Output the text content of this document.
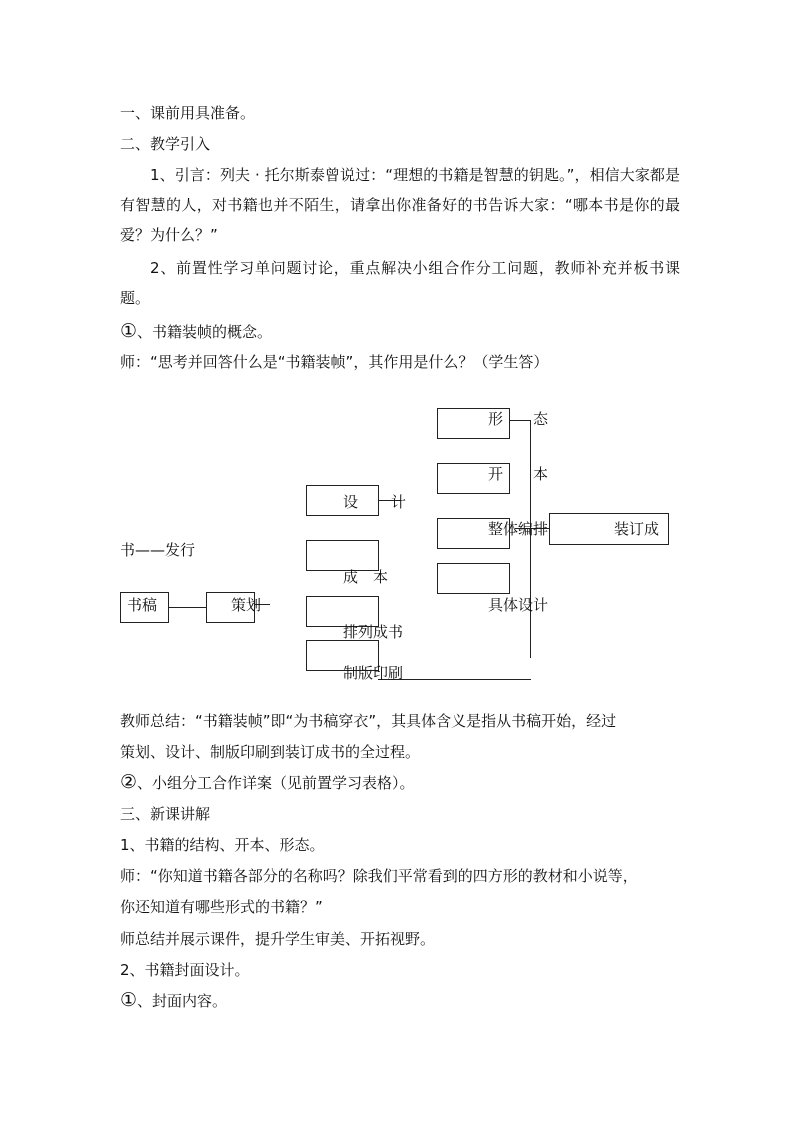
一、课前用具准备。
二、教学引入
1、引言：列夫 · 托尔斯泰曾说过：“理想的书籍是智慧的钥匙。”，相信大家都是有智慧的人，对书籍也并不陌生，请拿出你准备好的书告诉大家：“哪本书是你的最爱？为什么？”
2、前置性学习单问题讨论，重点解决小组合作分工问题，教师补充并板书课题。
①、书籍装帧的概念。
师：“思考并回答什么是“书籍装帧”，其作用是什么？（学生答）
书——发行
书稿	策划
设计
成　本
排列成书
制版印刷
形　　态
开　　本
整体编排
具体设计
装订成
教师总结：“书籍装帧”即“为书稿穿衣”，其具体含义是指从书稿开始，经过
策划、设计、制版印刷到装订成书的全过程。
②、小组分工合作详案（见前置学习表格）。
三、新课讲解
1、书籍的结构、开本、形态。
师：“你知道书籍各部分的名称吗？除我们平常看到的四方形的教材和小说等，
你还知道有哪些形式的书籍？”
师总结并展示课件，提升学生审美、开拓视野。
2、书籍封面设计。
①、封面内容。
